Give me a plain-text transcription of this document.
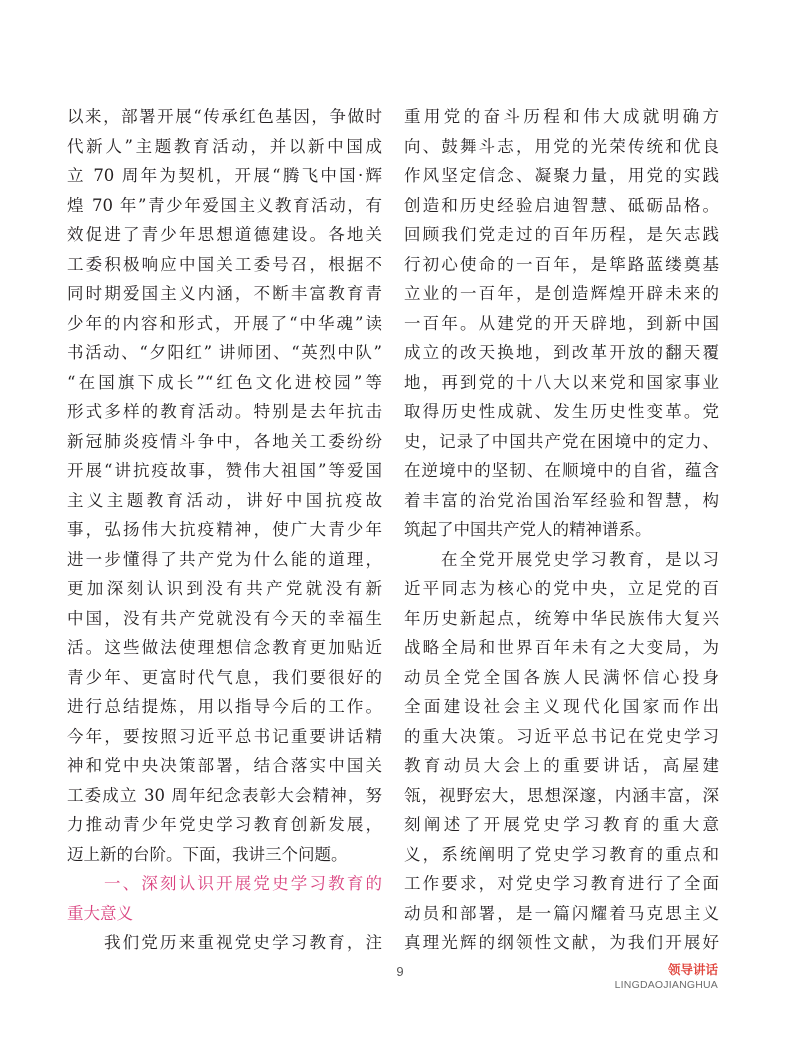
以来，部署开展“传承红色基因，争做时
代新人”主题教育活动，并以新中国成
立 70 周年为契机，开展“腾飞中国·辉
煌 70 年”青少年爱国主义教育活动，有
效促进了青少年思想道德建设。各地关
工委积极响应中国关工委号召，根据不
同时期爱国主义内涵，不断丰富教育青
少年的内容和形式，开展了“中华魂”读
书活动、“夕阳红” 讲师团、“英烈中队”
“在国旗下成长”“红色文化进校园”等
形式多样的教育活动。特别是去年抗击
新冠肺炎疫情斗争中，各地关工委纷纷
开展“讲抗疫故事，赞伟大祖国”等爱国
主义主题教育活动，讲好中国抗疫故
事，弘扬伟大抗疫精神，使广大青少年
进一步懂得了共产党为什么能的道理，
更加深刻认识到没有共产党就没有新
中国，没有共产党就没有今天的幸福生
活。这些做法使理想信念教育更加贴近
青少年、更富时代气息，我们要很好的
进行总结提炼，用以指导今后的工作。
今年，要按照习近平总书记重要讲话精
神和党中央决策部署，结合落实中国关
工委成立 30 周年纪念表彰大会精神，努
力推动青少年党史学习教育创新发展，
迈上新的台阶。下面，我讲三个问题。
一、深刻认识开展党史学习教育的
重大意义
我们党历来重视党史学习教育，注
重用党的奋斗历程和伟大成就明确方
向、鼓舞斗志，用党的光荣传统和优良
作风坚定信念、凝聚力量，用党的实践
创造和历史经验启迪智慧、砥砺品格。
回顾我们党走过的百年历程，是矢志践
行初心使命的一百年，是筚路蓝缕奠基
立业的一百年，是创造辉煌开辟未来的
一百年。从建党的开天辟地，到新中国
成立的改天换地，到改革开放的翻天覆
地，再到党的十八大以来党和国家事业
取得历史性成就、发生历史性变革。党
史，记录了中国共产党在困境中的定力、
在逆境中的坚韧、在顺境中的自省，蕴含
着丰富的治党治国治军经验和智慧，构
筑起了中国共产党人的精神谱系。
在全党开展党史学习教育，是以习
近平同志为核心的党中央，立足党的百
年历史新起点，统筹中华民族伟大复兴
战略全局和世界百年未有之大变局，为
动员全党全国各族人民满怀信心投身
全面建设社会主义现代化国家而作出
的重大决策。习近平总书记在党史学习
教育动员大会上的重要讲话，高屋建
瓴，视野宏大，思想深邃，内涵丰富，深
刻阐述了开展党史学习教育的重大意
义，系统阐明了党史学习教育的重点和
工作要求，对党史学习教育进行了全面
动员和部署，是一篇闪耀着马克思主义
真理光辉的纲领性文献，为我们开展好
9	领导讲话
LINGDAOJIANGHUA
